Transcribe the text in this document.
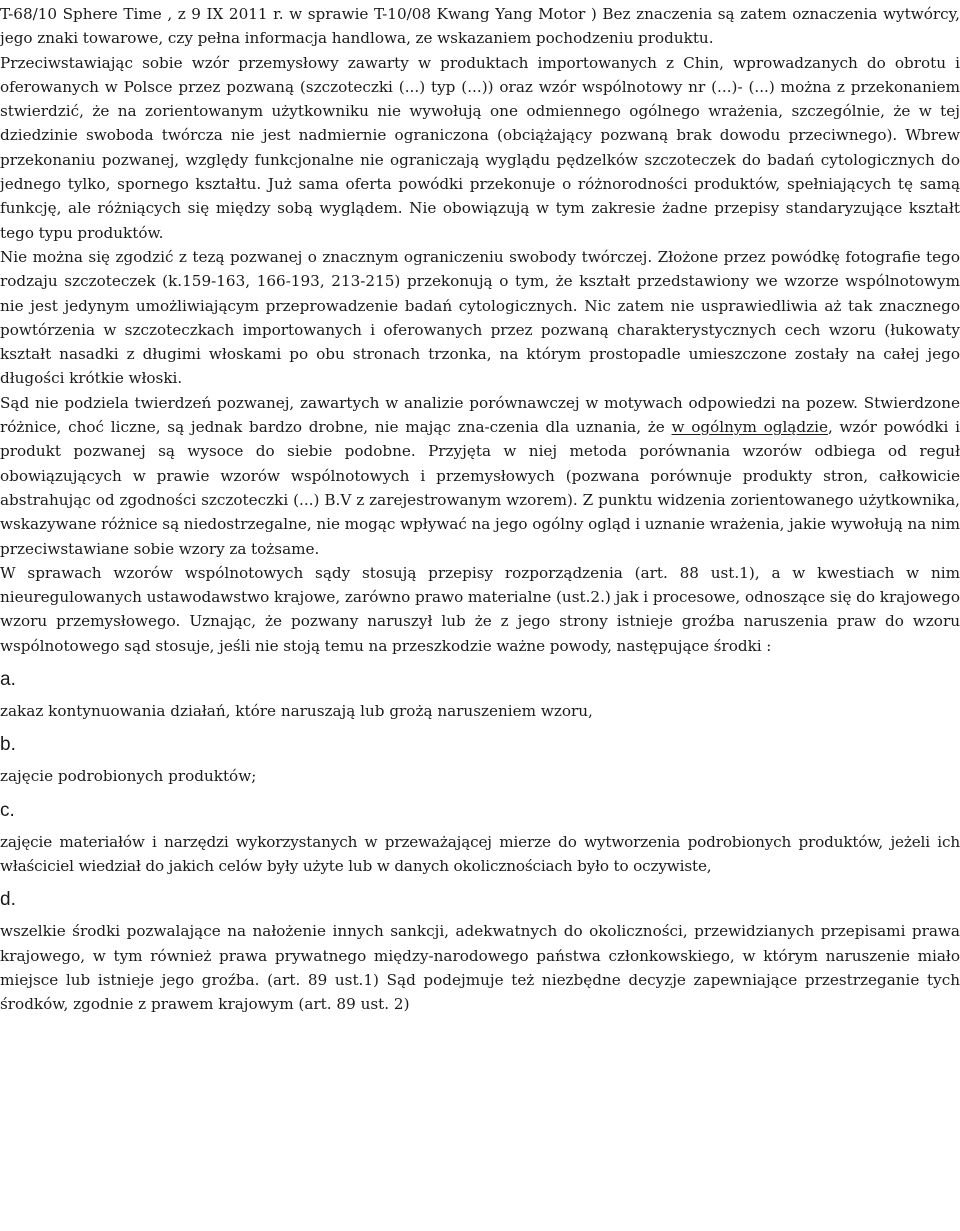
T-68/10 Sphere Time , z 9 IX 2011 r. w sprawie T-10/08 Kwang Yang Motor ) Bez znaczenia są zatem oznaczenia wytwórcy, jego znaki towarowe, czy pełna informacja handlowa, ze wskazaniem pochodzeniu produktu.

Przeciwstawiając sobie wzór przemysłowy zawarty w produktach importowanych z Chin, wprowadzanych do obrotu i oferowanych w Polsce przez pozwaną (szczoteczki (...) typ (...)) oraz wzór wspólnotowy nr (...)- (...) można z przekonaniem stwierdzić, że na zorientowanym użytkowniku nie wywołują one odmiennego ogólnego wrażenia, szczególnie, że w tej dziedzinie swoboda twórcza nie jest nadmiernie ograniczona (obciążający pozwaną brak dowodu przeciwnego). Wbrew przekonaniu pozwanej, względy funkcjonalne nie ograniczają wyglądu pędzelków szczoteczek do badań cytologicznych do jednego tylko, spornego kształtu. Już sama oferta powódki przekonuje o różnorodności produktów, spełniających tę samą funkcję, ale różniących się między sobą wyglądem. Nie obowiązują w tym zakresie żadne przepisy standaryzujące kształt tego typu produktów.

Nie można się zgodzić z tezą pozwanej o znacznym ograniczeniu swobody twórczej. Złożone przez powódkę fotografie tego rodzaju szczoteczek (k.159-163, 166-193, 213-215) przekonują o tym, że kształt przedstawiony we wzorze wspólnotowym nie jest jedynym umożliwiającym przeprowadzenie badań cytologicznych. Nic zatem nie usprawiedliwia aż tak znacznego powtórzenia w szczoteczkach importowanych i oferowanych przez pozwaną charakterystycznych cech wzoru (łukowaty kształt nasadki z długimi włoskami po obu stronach trzonka, na którym prostopadle umieszczone zostały na całej jego długości krótkie włoski.

Sąd nie podziela twierdzeń pozwanej, zawartych w analizie porównawczej w motywach odpowiedzi na pozew. Stwierdzone różnice, choć liczne, są jednak bardzo drobne, nie mając zna-czenia dla uznania, że w ogólnym oglądzie, wzór powódki i produkt pozwanej są wysoce do siebie podobne. Przyjęta w niej metoda porównania wzorów odbiega od reguł obowiązujących w prawie wzorów wspólnotowych i przemysłowych (pozwana porównuje produkty stron, całkowicie abstrahując od zgodności szczoteczki (...) B.V z zarejestrowanym wzorem). Z punktu widzenia zorientowanego użytkownika, wskazywane różnice są niedostrzegalne, nie mogąc wpływać na jego ogólny ogląd i uznanie wrażenia, jakie wywołują na nim przeciwstawiane sobie wzory za tożsame.

W sprawach wzorów wspólnotowych sądy stosują przepisy rozporządzenia (art. 88 ust.1), a w kwestiach w nim nieuregulowanych ustawodawstwo krajowe, zarówno prawo materialne (ust.2.) jak i procesowe, odnoszące się do krajowego wzoru przemysłowego. Uznając, że pozwany naruszył lub że z jego strony istnieje groźba naruszenia praw do wzoru wspólnotowego sąd stosuje, jeśli nie stoją temu na przeszkodzie ważne powody, następujące środki :

a.

zakaz kontynuowania działań, które naruszają lub grożą naruszeniem wzoru,

b.

zajęcie podrobionych produktów;

c.

zajęcie materiałów i narzędzi wykorzystanych w przeważającej mierze do wytworzenia podrobionych produktów, jeżeli ich właściciel wiedział do jakich celów były użyte lub w danych okolicznościach było to oczywiste,

d.

wszelkie środki pozwalające na nałożenie innych sankcji, adekwatnych do okoliczności, przewidzianych przepisami prawa krajowego, w tym również prawa prywatnego między-narodowego państwa członkowskiego, w którym naruszenie miało miejsce lub istnieje jego groźba. (art. 89 ust.1) Sąd podejmuje też niezbędne decyzje zapewniające przestrzeganie tych środków, zgodnie z prawem krajowym (art. 89 ust. 2)
